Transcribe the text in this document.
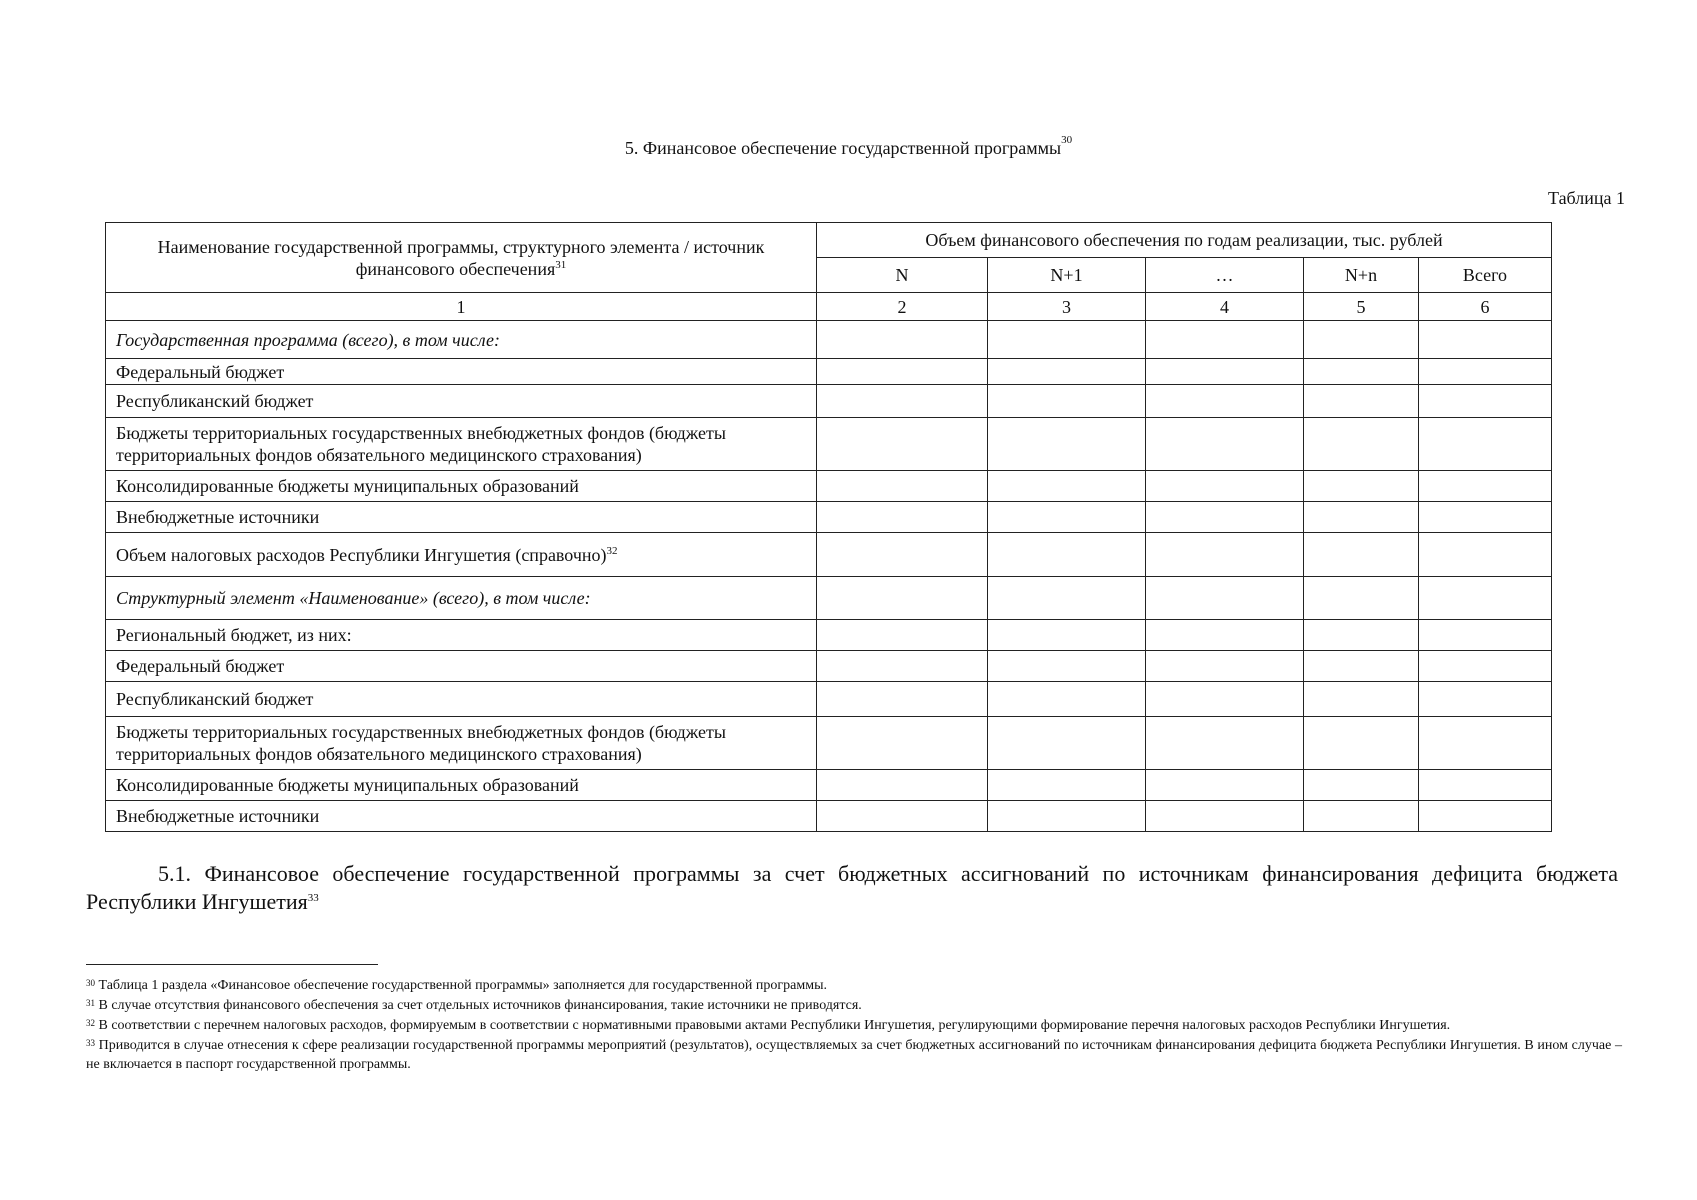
5. Финансовое обеспечение государственной программы$^{30}$
Таблица 1
Наименование государственной программы, структурного элемента / источник финансового обеспечения$^{31}$	Объем финансового обеспечения по годам реализации, тыс. рублей				
	N	N+1	…	N+n	Всего
1	2	3	4	5	6
Государственная программа (всего), в том числе:					
Федеральный бюджет					
Республиканский бюджет					
Бюджеты территориальных государственных внебюджетных фондов (бюджеты территориальных фондов обязательного медицинского страхования)					
Консолидированные бюджеты муниципальных образований					
Внебюджетные источники					
Объем налоговых расходов Республики Ингушетия (справочно)$^{32}$					
Структурный элемент «Наименование» (всего), в том числе:					
Региональный бюджет, из них:					
Федеральный бюджет					
Республиканский бюджет					
Бюджеты территориальных государственных внебюджетных фондов (бюджеты территориальных фондов обязательного медицинского страхования)					
Консолидированные бюджеты муниципальных образований					
Внебюджетные источники					
5.1. Финансовое обеспечение государственной программы за счет бюджетных ассигнований по источникам финансирования дефицита бюджета Республики Ингушетия$^{33}$

$^{30}$ Таблица 1 раздела «Финансовое обеспечение государственной программы» заполняется для государственной программы.

$^{31}$ В случае отсутствия финансового обеспечения за счет отдельных источников финансирования, такие источники не приводятся.

$^{32}$ В соответствии с перечнем налоговых расходов, формируемым в соответствии с нормативными правовыми актами Республики Ингушетия, регулирующими формирование перечня налоговых расходов Республики Ингушетия.

$^{33}$ Приводится в случае отнесения к сфере реализации государственной программы мероприятий (результатов), осуществляемых за счет бюджетных ассигнований по источникам финансирования дефицита бюджета Республики Ингушетия. В ином случае – не включается в паспорт государственной программы.
